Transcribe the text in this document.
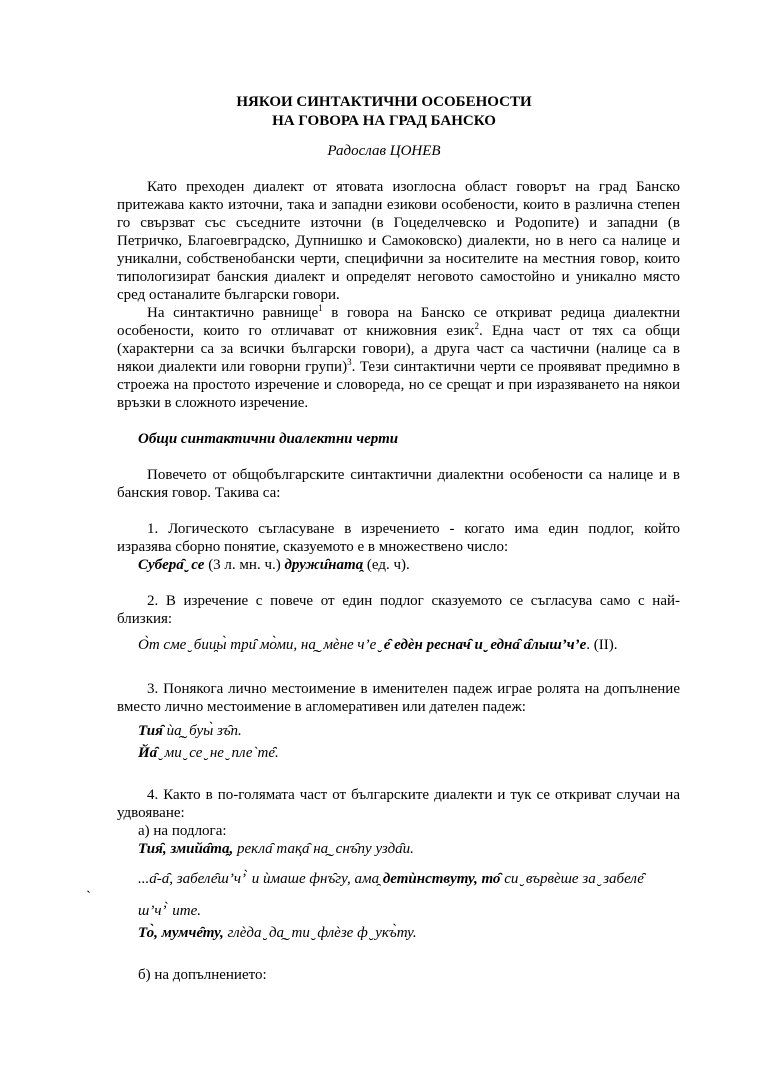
НЯКОИ СИНТАКТИЧНИ ОСОБЕНОСТИ
НА ГОВОРА НА ГРАД БАНСКО
Радослав ЦОНЕВ
Като преходен диалект от ятовата изоглосна област говорът на град Банско
притежава както източни, така и западни езикови особености, които в различна степен
го свързват със съседните източни (в Гоцеделчевско и Родопите) и западни (в
Петричко, Благоевградско, Дупнишко и Самоковско) диалекти, но в него са налице и
уникални, собственобански черти, специфични за носителите на местния говор, които
типологизират банския диалект и определят неговото самостойно и уникално място
сред останалите български говори.
На синтактично равнище$^1$ в говора на Банско се откриват редица диалектни
особености, които го отличават от книжовния език$^2$. Една част от тях са общи
(характерни са за всички български говори), а друга част са частични (налице са в
някои диалекти или говорни групи)$^3$. Тези синтактични черти се проявяват предимно в
строежа на простото изречение и словореда, но се срещат и при изразяването на някои
връзки в сложното изречение.
Общи синтактични диалектни черти
Повечето от общобългарските синтактични диалектни особености са налице и в
банския говор. Такива са:
1. Логическото съгласуване в изречението - когато има един подлог, който
изразява сборно понятие, сказуемото е в множествено число:
Субера̑ ̮ се (3 л. мн. ч.) дружи̑ната̯ (ед. ч).
2. В изречение с повече от един подлог сказуемото се съгласува само с най-
близкия:
О̀т сме ̮ бии̯ы̀ три̑ мо̀ми, на̯ ̮ мѐне ч’е ̮ е̑ едѐн реснач̑ и ̮ една̑ а̑лыш’ч’е. (II).
3. Понякога лично местоимение в именителен падеж играе ролята на допълнение
вместо лично местоимение в агломеративен или дателен падеж:
Тия̑ ѝа̯ ̮ буы̀ зъ̑п.
Йа̑ ̮ ми ̮ се ̮ не ̮ nле`те̑.
4. Както в по-голямата част от българските диалекти и тук се откриват случаи на
удвояване:
а) на подлога:
Тия̑, змийа̑та̯, рекла̑ тақа̑ на̯ ̮ снъ̑пу узда̑и.
...а̑-а̑, забеле̑ш’ч’ ̀ и ѝмаше фнъ̑гу, ама̯ детѝнствуту, то̑ си ̮ вървѐше за ̮ забеле̑
`
ш’ч’ ̀ ите.
То̀, мумче̑ту, глѐда ̮ да̯ ̮ ти ̮ флѐзе ф ̮ укъ̀ту.
б) на допълнението:
